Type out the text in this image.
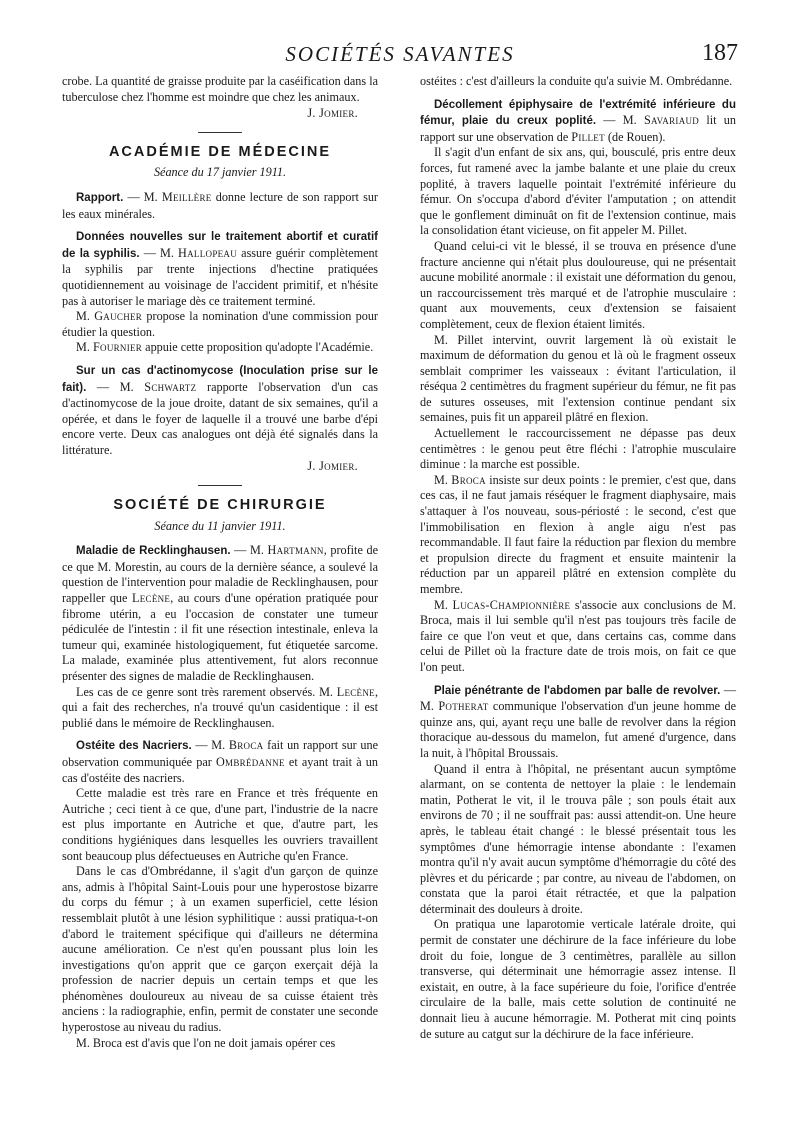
SOCIÉTÉS SAVANTES	187

crobe. La quantité de graisse produite par la caséification dans la tuberculose chez l'homme est moindre que chez les animaux.

J. Jomier.
ACADÉMIE DE MÉDECINE
Séance du 17 janvier 1911.

Rapport. — M. Meillère donne lecture de son rapport sur les eaux minérales.

Données nouvelles sur le traitement abortif et curatif de la syphilis. — M. Hallopeau assure guérir complètement la syphilis par trente injections d'hectine pratiquées quotidiennement au voisinage de l'accident primitif, et n'hésite pas à autoriser le mariage dès ce traitement terminé.

M. Gaucher propose la nomination d'une commission pour étudier la question.

M. Fournier appuie cette proposition qu'adopte l'Académie.

Sur un cas d'actinomycose (Inoculation prise sur le fait). — M. Schwartz rapporte l'observation d'un cas d'actinomycose de la joue droite, datant de six semaines, qu'il a opérée, et dans le foyer de laquelle il a trouvé une barbe d'épi encore verte. Deux cas analogues ont déjà été signalés dans la littérature.

J. Jomier.
SOCIÉTÉ DE CHIRURGIE
Séance du 11 janvier 1911.

Maladie de Recklinghausen. — M. Hartmann, profite de ce que M. Morestin, au cours de la dernière séance, a soulevé la question de l'intervention pour maladie de Recklinghausen, pour rappeller que Lecène, au cours d'une opération pratiquée pour fibrome utérin, a eu l'occasion de constater une tumeur pédiculée de l'intestin : il fit une résection intestinale, enleva la tumeur qui, examinée histologiquement, fut étiquetée sarcome. La malade, examinée plus attentivement, fut alors reconnue présenter des signes de maladie de Recklinghausen.

Les cas de ce genre sont très rarement observés. M. Lecène, qui a fait des recherches, n'a trouvé qu'un casidentique : il est publié dans le mémoire de Recklinghausen.

Ostéite des Nacriers. — M. Broca fait un rapport sur une observation communiquée par Ombrédanne et ayant trait à un cas d'ostéite des nacriers.

Cette maladie est très rare en France et très fréquente en Autriche ; ceci tient à ce que, d'une part, l'industrie de la nacre est plus importante en Autriche et que, d'autre part, les conditions hygiéniques dans lesquelles les ouvriers travaillent sont beaucoup plus défectueuses en Autriche qu'en France.

Dans le cas d'Ombrédanne, il s'agit d'un garçon de quinze ans, admis à l'hôpital Saint-Louis pour une hyperostose bizarre du corps du fémur ; à un examen superficiel, cette lésion ressemblait plutôt à une lésion syphilitique : aussi pratiqua-t-on d'abord le traitement spécifique qui d'ailleurs ne détermina aucune amélioration. Ce n'est qu'en poussant plus loin les investigations qu'on apprit que ce garçon exerçait déjà la profession de nacrier depuis un certain temps et que les phénomènes douloureux au niveau de sa cuisse étaient très anciens : la radiographie, enfin, permit de constater une seconde hyperostose au niveau du radius.

M. Broca est d'avis que l'on ne doit jamais opérer ces

ostéites : c'est d'ailleurs la conduite qu'a suivie M. Ombrédanne.

Décollement épiphysaire de l'extrémité inférieure du fémur, plaie du creux poplité. — M. Savariaud lit un rapport sur une observation de Pillet (de Rouen).

Il s'agit d'un enfant de six ans, qui, bousculé, pris entre deux forces, fut ramené avec la jambe balante et une plaie du creux poplité, à travers laquelle pointait l'extrémité inférieure du fémur. On s'occupa d'abord d'éviter l'amputation ; on attendit que le gonflement diminuât on fit de l'extension continue, mais la consolidation étant vicieuse, on fit appeler M. Pillet.

Quand celui-ci vit le blessé, il se trouva en présence d'une fracture ancienne qui n'était plus douloureuse, qui ne présentait aucune mobilité anormale : il existait une déformation du genou, un raccourcissement très marqué et de l'atrophie musculaire : quant aux mouvements, ceux d'extension se faisaient complètement, ceux de flexion étaient limités.

M. Pillet intervint, ouvrit largement là où existait le maximum de déformation du genou et là où le fragment osseux semblait comprimer les vaisseaux : évitant l'articulation, il réséqua 2 centimètres du fragment supérieur du fémur, ne fit pas de sutures osseuses, mit l'extension continue pendant six semaines, puis fit un appareil plâtré en flexion.

Actuellement le raccourcissement ne dépasse pas deux centimètres : le genou peut être fléchi : l'atrophie musculaire diminue : la marche est possible.

M. Broca insiste sur deux points : le premier, c'est que, dans ces cas, il ne faut jamais réséquer le fragment diaphysaire, mais s'attaquer à l'os nouveau, sous-périosté : le second, c'est que l'immobilisation en flexion à angle aigu n'est pas recommandable. Il faut faire la réduction par flexion du membre et propulsion directe du fragment et ensuite maintenir la réduction par un appareil plâtré en extension complète du membre.

M. Lucas-Championnière s'associe aux conclusions de M. Broca, mais il lui semble qu'il n'est pas toujours très facile de faire ce que l'on veut et que, dans certains cas, comme dans celui de Pillet où la fracture date de trois mois, on fait ce que l'on peut.

Plaie pénétrante de l'abdomen par balle de revolver. — M. Potherat communique l'observation d'un jeune homme de quinze ans, qui, ayant reçu une balle de revolver dans la région thoracique au-dessous du mamelon, fut amené d'urgence, dans la nuit, à l'hôpital Broussais.

Quand il entra à l'hôpital, ne présentant aucun symptôme alarmant, on se contenta de nettoyer la plaie : le lendemain matin, Potherat le vit, il le trouva pâle ; son pouls était aux environs de 70 ; il ne souffrait pas: aussi attendit-on. Une heure après, le tableau était changé : le blessé présentait tous les symptômes d'une hémorragie intense abondante : l'examen montra qu'il n'y avait aucun symptôme d'hémorragie du côté des plèvres et du péricarde ; par contre, au niveau de l'abdomen, on constata que la paroi était rétractée, et que la palpation déterminait des douleurs à droite.

On pratiqua une laparotomie verticale latérale droite, qui permit de constater une déchirure de la face inférieure du lobe droit du foie, longue de 3 centimètres, parallèle au sillon transverse, qui déterminait une hémorragie assez intense. Il existait, en outre, à la face supérieure du foie, l'orifice d'entrée circulaire de la balle, mais cette solution de continuité ne donnait lieu à aucune hémorragie. M. Potherat mit cinq points de suture au catgut sur la déchirure de la face inférieure.
